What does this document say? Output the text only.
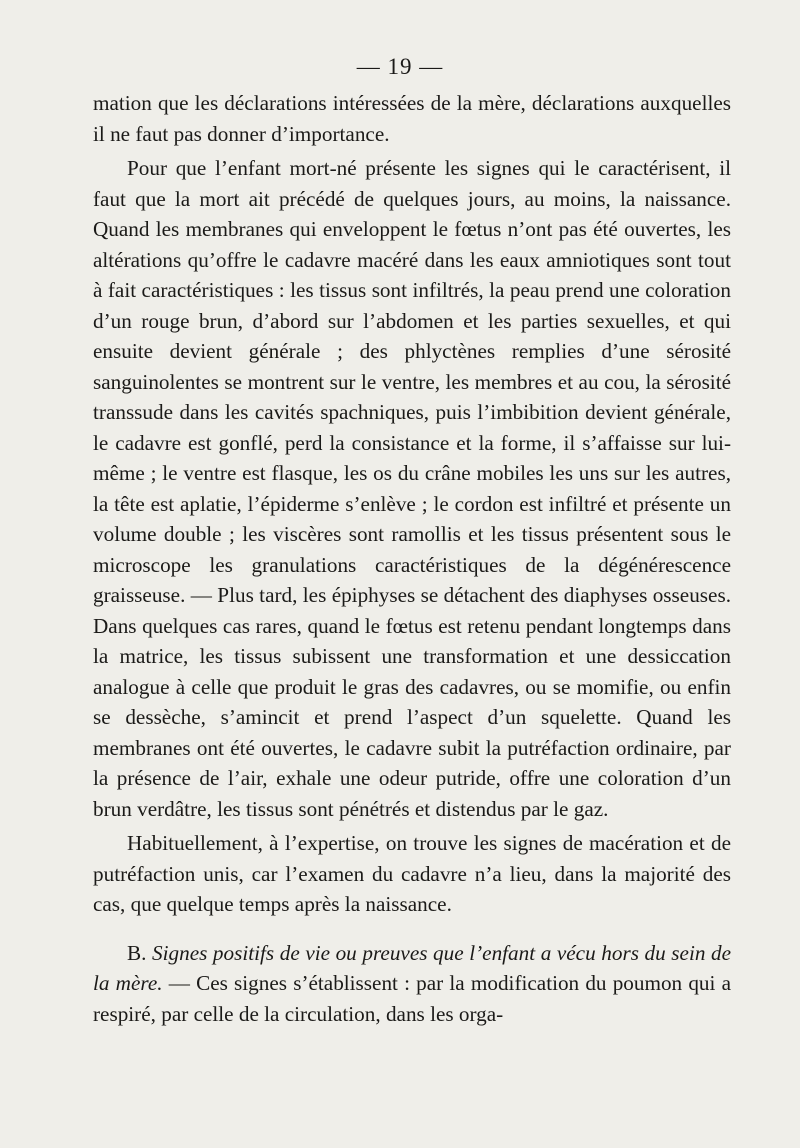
— 19 —

mation que les déclarations intéressées de la mère, déclarations auxquelles il ne faut pas donner d’importance.

Pour que l’enfant mort-né présente les signes qui le caractérisent, il faut que la mort ait précédé de quelques jours, au moins, la naissance. Quand les membranes qui enveloppent le fœtus n’ont pas été ouvertes, les altérations qu’offre le cadavre macéré dans les eaux amniotiques sont tout à fait caractéristiques : les tissus sont infiltrés, la peau prend une coloration d’un rouge brun, d’abord sur l’abdomen et les parties sexuelles, et qui ensuite devient générale ; des phlyctènes remplies d’une sérosité sanguinolentes se montrent sur le ventre, les membres et au cou, la sérosité transsude dans les cavités spachniques, puis l’imbibition devient générale, le cadavre est gonflé, perd la consistance et la forme, il s’affaisse sur lui-même ; le ventre est flasque, les os du crâne mobiles les uns sur les autres, la tête est aplatie, l’épiderme s’enlève ; le cordon est infiltré et présente un volume double ; les viscères sont ramollis et les tissus présentent sous le microscope les granulations caractéristiques de la dégénérescence graisseuse. — Plus tard, les épiphyses se détachent des diaphyses osseuses. Dans quelques cas rares, quand le fœtus est retenu pendant longtemps dans la matrice, les tissus subissent une transformation et une dessiccation analogue à celle que produit le gras des cadavres, ou se momifie, ou enfin se dessèche, s’amincit et prend l’aspect d’un squelette. Quand les membranes ont été ouvertes, le cadavre subit la putréfaction ordinaire, par la présence de l’air, exhale une odeur putride, offre une coloration d’un brun verdâtre, les tissus sont pénétrés et distendus par le gaz.

Habituellement, à l’expertise, on trouve les signes de macération et de putréfaction unis, car l’examen du cadavre n’a lieu, dans la majorité des cas, que quelque temps après la naissance.

B. Signes positifs de vie ou preuves que l’enfant a vécu hors du sein de la mère. — Ces signes s’établissent : par la modification du poumon qui a respiré, par celle de la circulation, dans les orga-
